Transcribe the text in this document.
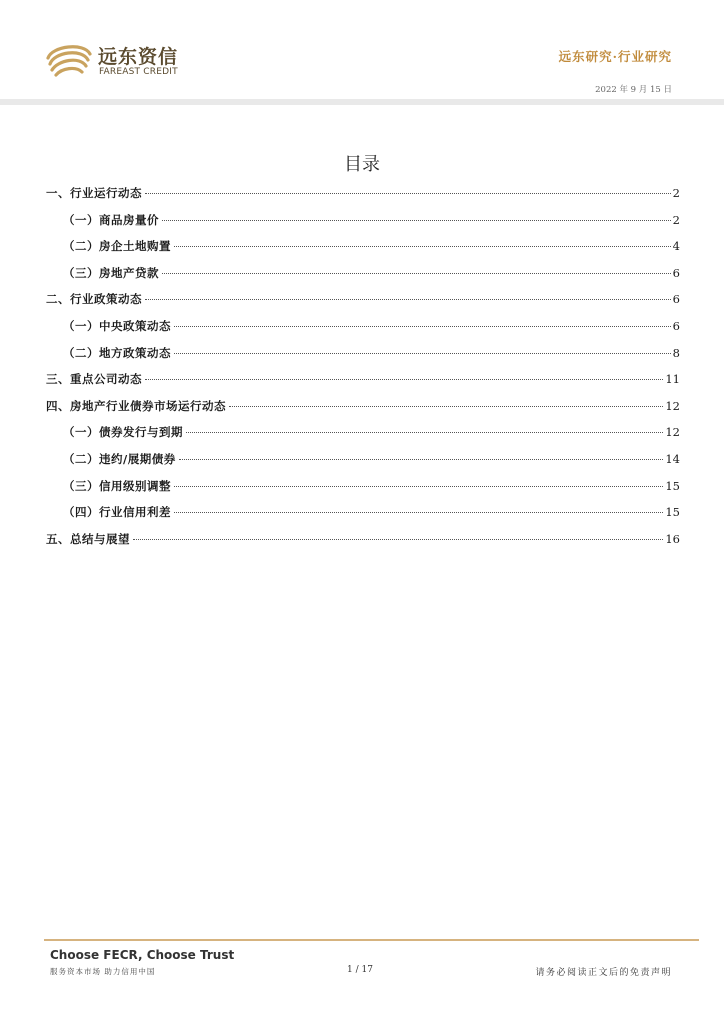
远东资信
FAREAST CREDIT
远东研究·行业研究
2022 年 9 月 15 日
目录
一、行业运行动态	2
（一）商品房量价	2
（二）房企土地购置	4
（三）房地产贷款	6
二、行业政策动态	6
（一）中央政策动态	6
（二）地方政策动态	8
三、重点公司动态	11
四、房地产行业债券市场运行动态	12
（一）债券发行与到期	12
（二）违约/展期债券	14
（三）信用级别调整	15
（四）行业信用利差	15
五、总结与展望	16
Choose FECR, Choose Trust
服务资本市场 助力信用中国	1 / 17	请务必阅读正文后的免责声明
